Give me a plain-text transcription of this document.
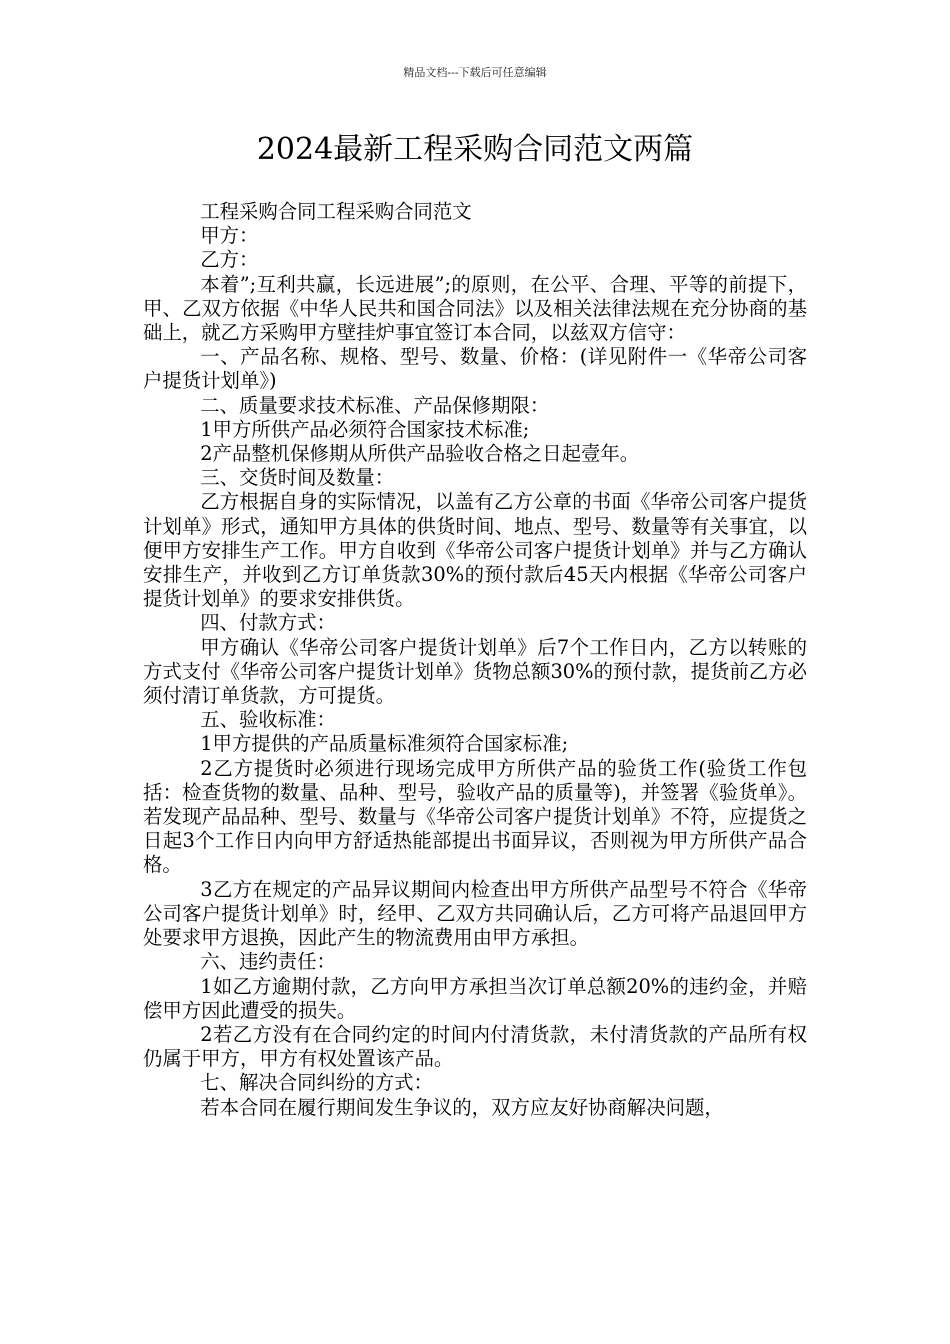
精品文档---下载后可任意编辑
2024最新工程采购合同范文两篇

工程采购合同工程采购合同范文

甲方：

乙方：

本着”;互利共赢，长远进展”;的原则，在公平、合理、平等的前提下，甲、乙双方依据《中华人民共和国合同法》以及相关法律法规在充分协商的基础上，就乙方采购甲方壁挂炉事宜签订本合同，以兹双方信守：

一、产品名称、规格、型号、数量、价格：(详见附件一《华帝公司客户提货计划单》)

二、质量要求技术标准、产品保修期限：

1甲方所供产品必须符合国家技术标准;

2产品整机保修期从所供产品验收合格之日起壹年。

三、交货时间及数量：

乙方根据自身的实际情况，以盖有乙方公章的书面《华帝公司客户提货计划单》形式，通知甲方具体的供货时间、地点、型号、数量等有关事宜，以便甲方安排生产工作。甲方自收到《华帝公司客户提货计划单》并与乙方确认安排生产，并收到乙方订单货款30%的预付款后45天内根据《华帝公司客户提货计划单》的要求安排供货。

四、付款方式：

甲方确认《华帝公司客户提货计划单》后7个工作日内，乙方以转账的方式支付《华帝公司客户提货计划单》货物总额30%的预付款，提货前乙方必须付清订单货款，方可提货。

五、验收标准：

1甲方提供的产品质量标准须符合国家标准;

2乙方提货时必须进行现场完成甲方所供产品的验货工作(验货工作包括：检查货物的数量、品种、型号，验收产品的质量等)，并签署《验货单》。若发现产品品种、型号、数量与《华帝公司客户提货计划单》不符，应提货之日起3个工作日内向甲方舒适热能部提出书面异议，否则视为甲方所供产品合格。

3乙方在规定的产品异议期间内检查出甲方所供产品型号不符合《华帝公司客户提货计划单》时，经甲、乙双方共同确认后，乙方可将产品退回甲方处要求甲方退换，因此产生的物流费用由甲方承担。

六、违约责任：

1如乙方逾期付款，乙方向甲方承担当次订单总额20%的违约金，并赔偿甲方因此遭受的损失。

2若乙方没有在合同约定的时间内付清货款，未付清货款的产品所有权仍属于甲方，甲方有权处置该产品。

七、解决合同纠纷的方式：

若本合同在履行期间发生争议的，双方应友好协商解决问题，
